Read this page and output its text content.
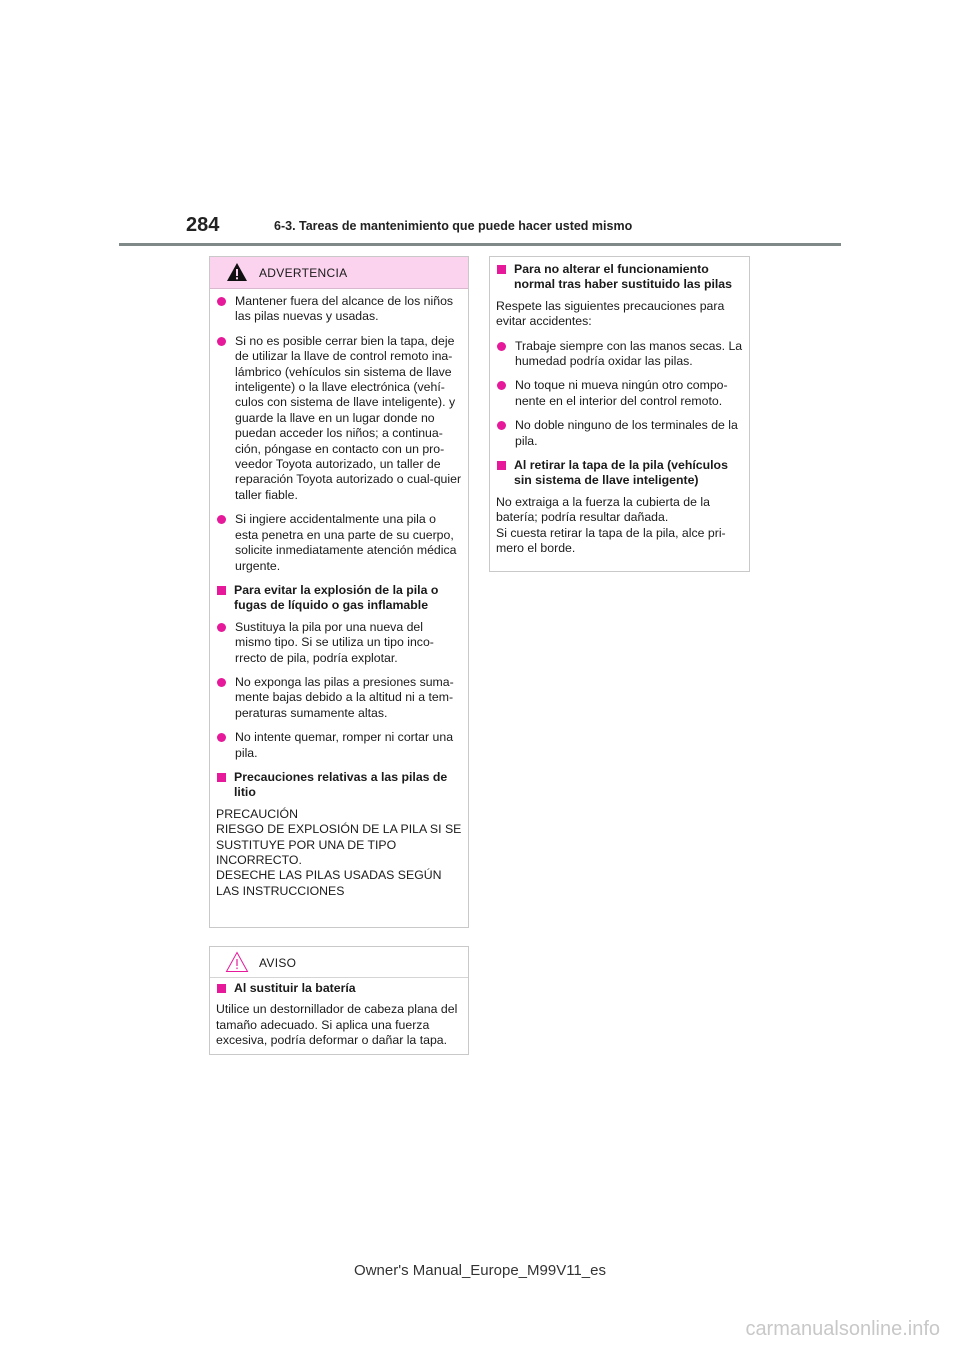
284	6-3. Tareas de mantenimiento que puede hacer usted mismo
ADVERTENCIA
Mantener fuera del alcance de los niños las pilas nuevas y usadas.
Si no es posible cerrar bien la tapa, deje de utilizar la llave de control remoto ina-lámbrico (vehículos sin sistema de llave inteligente) o la llave electrónica (vehí-culos con sistema de llave inteligente). y guarde la llave en un lugar donde no puedan acceder los niños; a continua-ción, póngase en contacto con un pro-veedor Toyota autorizado, un taller de reparación Toyota autorizado o cual-quier taller fiable.
Si ingiere accidentalmente una pila o esta penetra en una parte de su cuerpo, solicite inmediatamente atención médica urgente.
Para evitar la explosión de la pila o fugas de líquido o gas inflamable
Sustituya la pila por una nueva del mismo tipo. Si se utiliza un tipo inco-rrecto de pila, podría explotar.
No exponga las pilas a presiones suma-mente bajas debido a la altitud ni a tem-peraturas sumamente altas.
No intente quemar, romper ni cortar una pila.
Precauciones relativas a las pilas de litio
PRECAUCIÓN
RIESGO DE EXPLOSIÓN DE LA PILA SI SE SUSTITUYE POR UNA DE TIPO INCORRECTO.
DESECHE LAS PILAS USADAS SEGÚN LAS INSTRUCCIONES
AVISO
Al sustituir la batería
Utilice un destornillador de cabeza plana del tamaño adecuado. Si aplica una fuerza excesiva, podría deformar o dañar la tapa.
Para no alterar el funcionamiento normal tras haber sustituido las pilas
Respete las siguientes precauciones para evitar accidentes:
Trabaje siempre con las manos secas. La humedad podría oxidar las pilas.
No toque ni mueva ningún otro compo-nente en el interior del control remoto.
No doble ninguno de los terminales de la pila.
Al retirar la tapa de la pila (vehículos sin sistema de llave inteligente)
No extraiga a la fuerza la cubierta de la batería; podría resultar dañada.
Si cuesta retirar la tapa de la pila, alce pri-mero el borde.
Owner's Manual_Europe_M99V11_es
carmanualsonline.info
